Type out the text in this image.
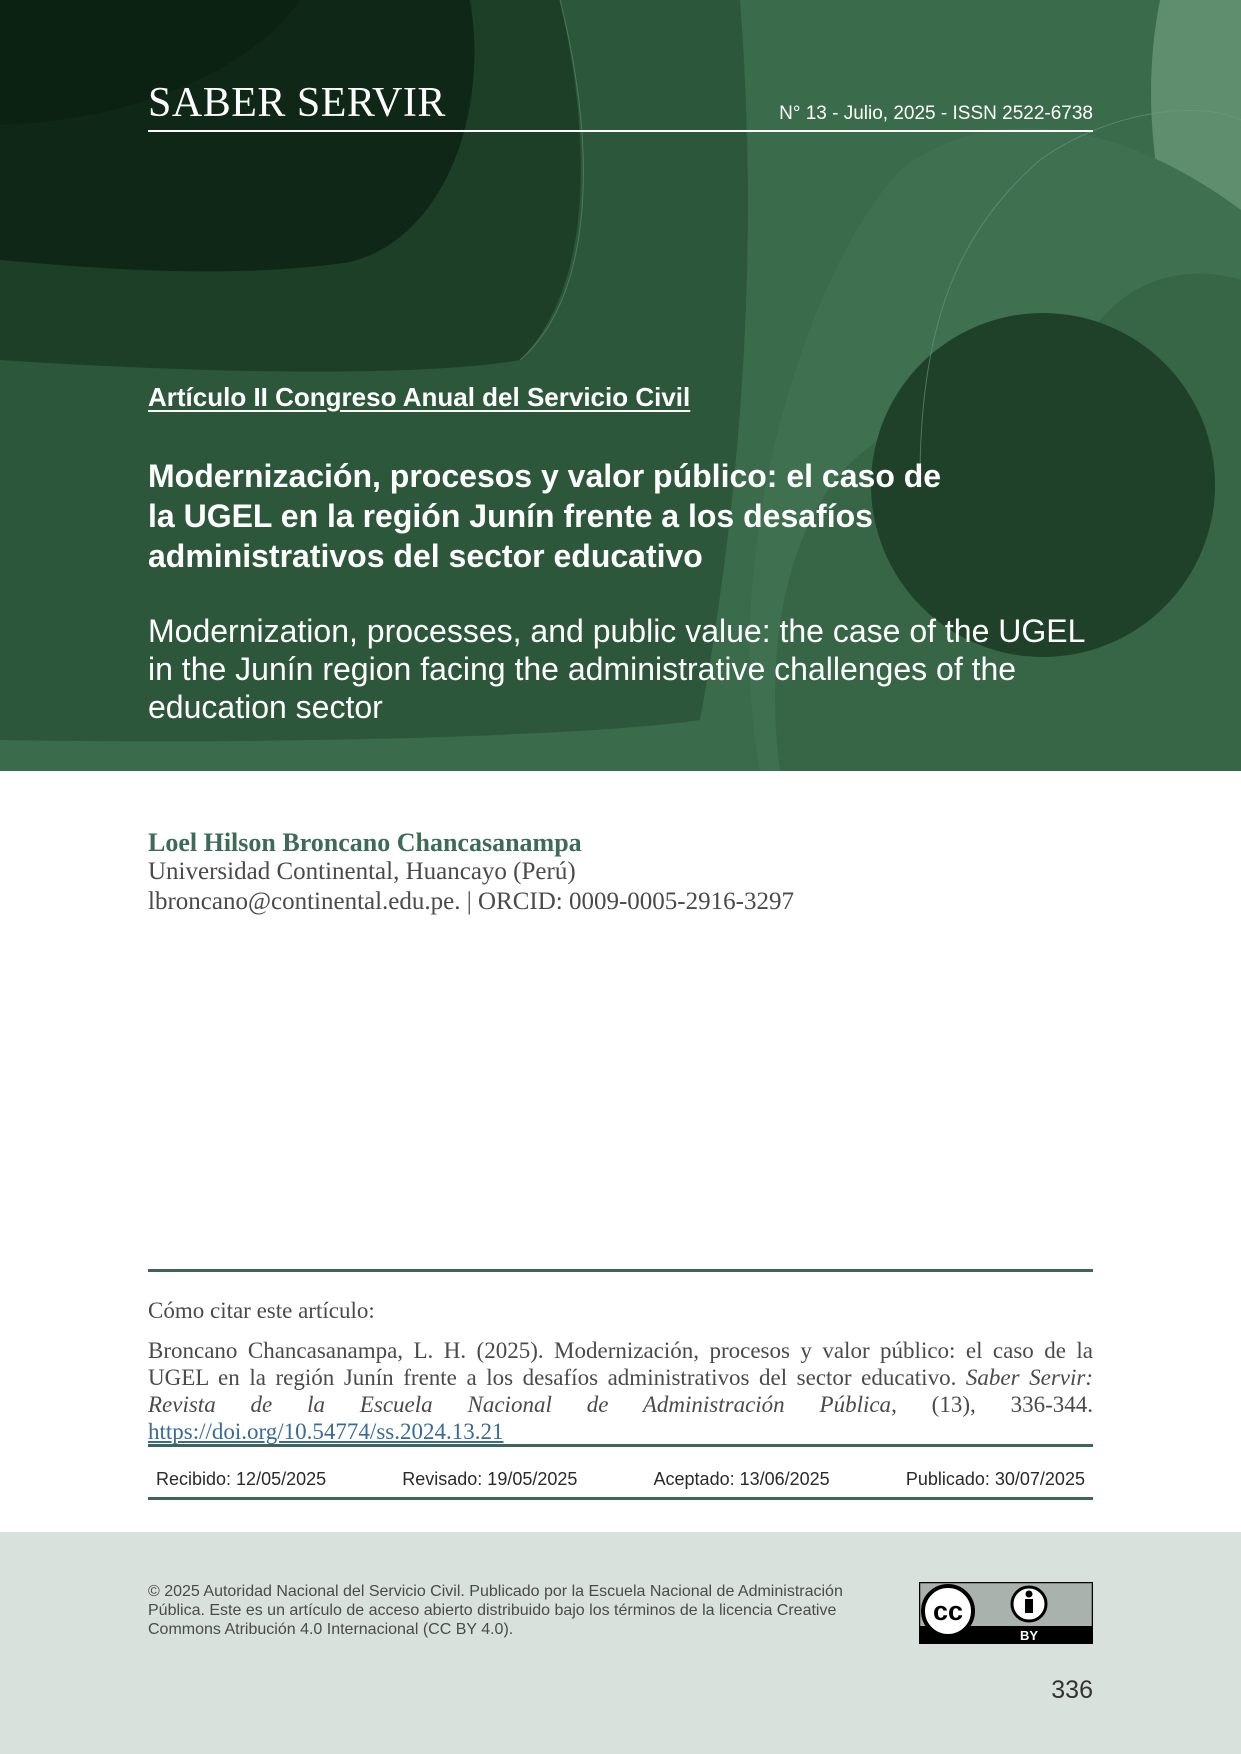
SABER SERVIR	N° 13 - Julio, 2025 - ISSN 2522-6738
Artículo II Congreso Anual del Servicio Civil
Modernización, procesos y valor público: el caso de la UGEL en la región Junín frente a los desafíos administrativos del sector educativo

Modernization, processes, and public value: the case of the UGEL in the Junín region facing the administrative challenges of the education sector

Loel Hilson Broncano Chancasanampa
Universidad Continental, Huancayo (Perú)
lbroncano@continental.edu.pe. | ORCID: 0009-0005-2916-3297
Cómo citar este artículo:

Broncano Chancasanampa, L. H. (2025). Modernización, procesos y valor público: el caso de la UGEL en la región Junín frente a los desafíos administrativos del sector educativo. Saber Servir: Revista de la Escuela Nacional de Administración Pública, (13), 336-344. https://doi.org/10.54774/ss.2024.13.21

Recibido: 12/05/2025	Revisado: 19/05/2025	Aceptado: 13/06/2025	Publicado: 30/07/2025

© 2025 Autoridad Nacional del Servicio Civil. Publicado por la Escuela Nacional de Administración Pública. Este es un artículo de acceso abierto distribuido bajo los términos de la licencia Creative Commons Atribución 4.0 Internacional (CC BY 4.0).

cc
BY
336
